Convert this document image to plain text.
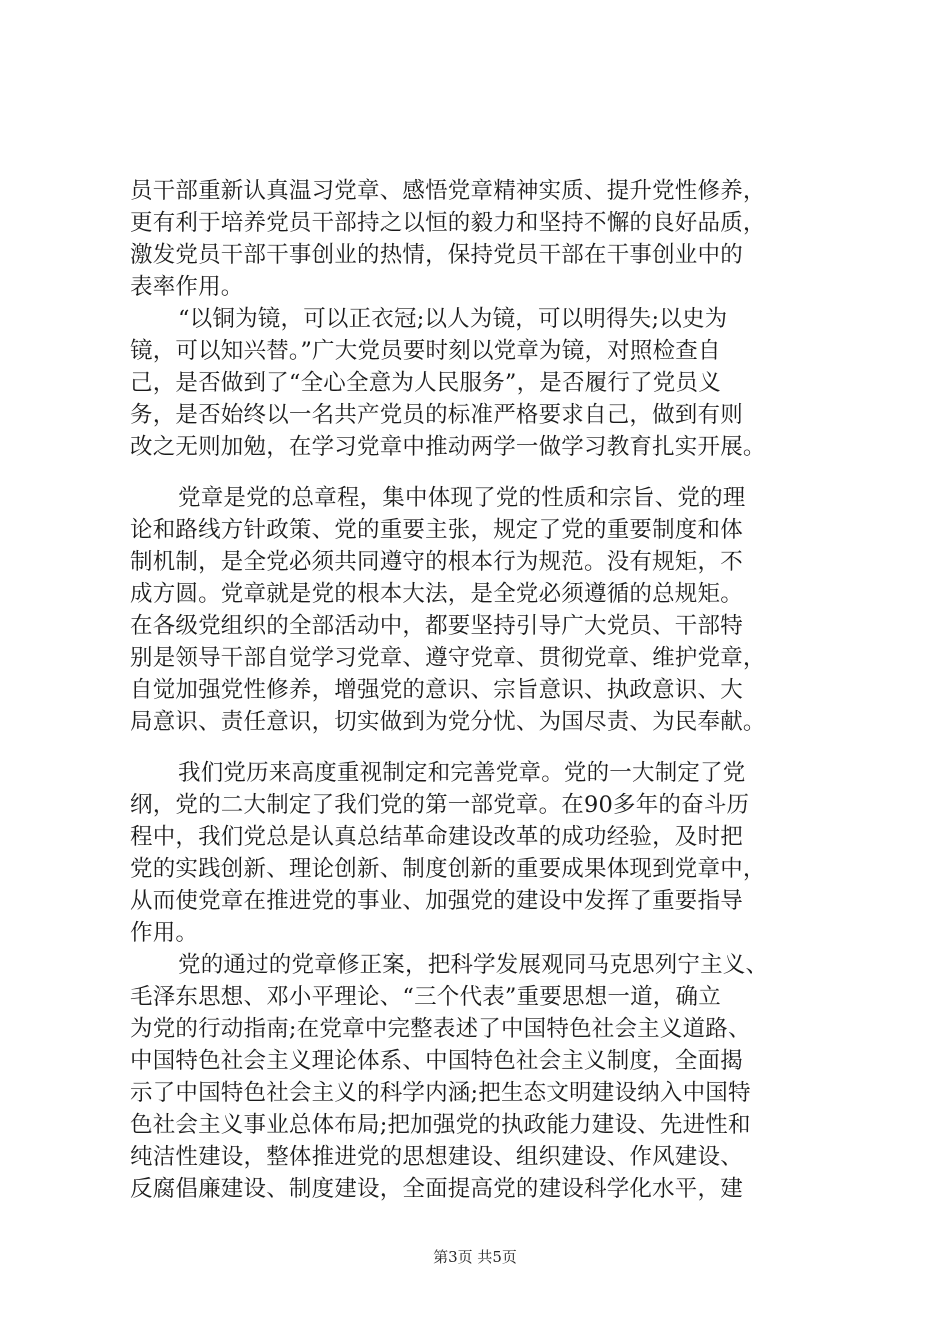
员干部重新认真温习党章、感悟党章精神实质、提升党性修养，
更有利于培养党员干部持之以恒的毅力和坚持不懈的良好品质，
激发党员干部干事创业的热情，保持党员干部在干事创业中的
表率作用。
“以铜为镜，可以正衣冠;以人为镜，可以明得失;以史为
镜，可以知兴替。”广大党员要时刻以党章为镜，对照检查自
己，是否做到了“全心全意为人民服务”，是否履行了党员义
务，是否始终以一名共产党员的标准严格要求自己，做到有则
改之无则加勉，在学习党章中推动两学一做学习教育扎实开展。
党章是党的总章程，集中体现了党的性质和宗旨、党的理
论和路线方针政策、党的重要主张，规定了党的重要制度和体
制机制，是全党必须共同遵守的根本行为规范。没有规矩，不
成方圆。党章就是党的根本大法，是全党必须遵循的总规矩。
在各级党组织的全部活动中，都要坚持引导广大党员、干部特
别是领导干部自觉学习党章、遵守党章、贯彻党章、维护党章，
自觉加强党性修养，增强党的意识、宗旨意识、执政意识、大
局意识、责任意识，切实做到为党分忧、为国尽责、为民奉献。
我们党历来高度重视制定和完善党章。党的一大制定了党
纲，党的二大制定了我们党的第一部党章。在90多年的奋斗历
程中，我们党总是认真总结革命建设改革的成功经验，及时把
党的实践创新、理论创新、制度创新的重要成果体现到党章中，
从而使党章在推进党的事业、加强党的建设中发挥了重要指导
作用。
党的通过的党章修正案，把科学发展观同马克思列宁主义、
毛泽东思想、邓小平理论、“三个代表”重要思想一道，确立
为党的行动指南;在党章中完整表述了中国特色社会主义道路、
中国特色社会主义理论体系、中国特色社会主义制度，全面揭
示了中国特色社会主义的科学内涵;把生态文明建设纳入中国特
色社会主义事业总体布局;把加强党的执政能力建设、先进性和
纯洁性建设，整体推进党的思想建设、组织建设、作风建设、
反腐倡廉建设、制度建设，全面提高党的建设科学化水平，建
第3页 共5页
